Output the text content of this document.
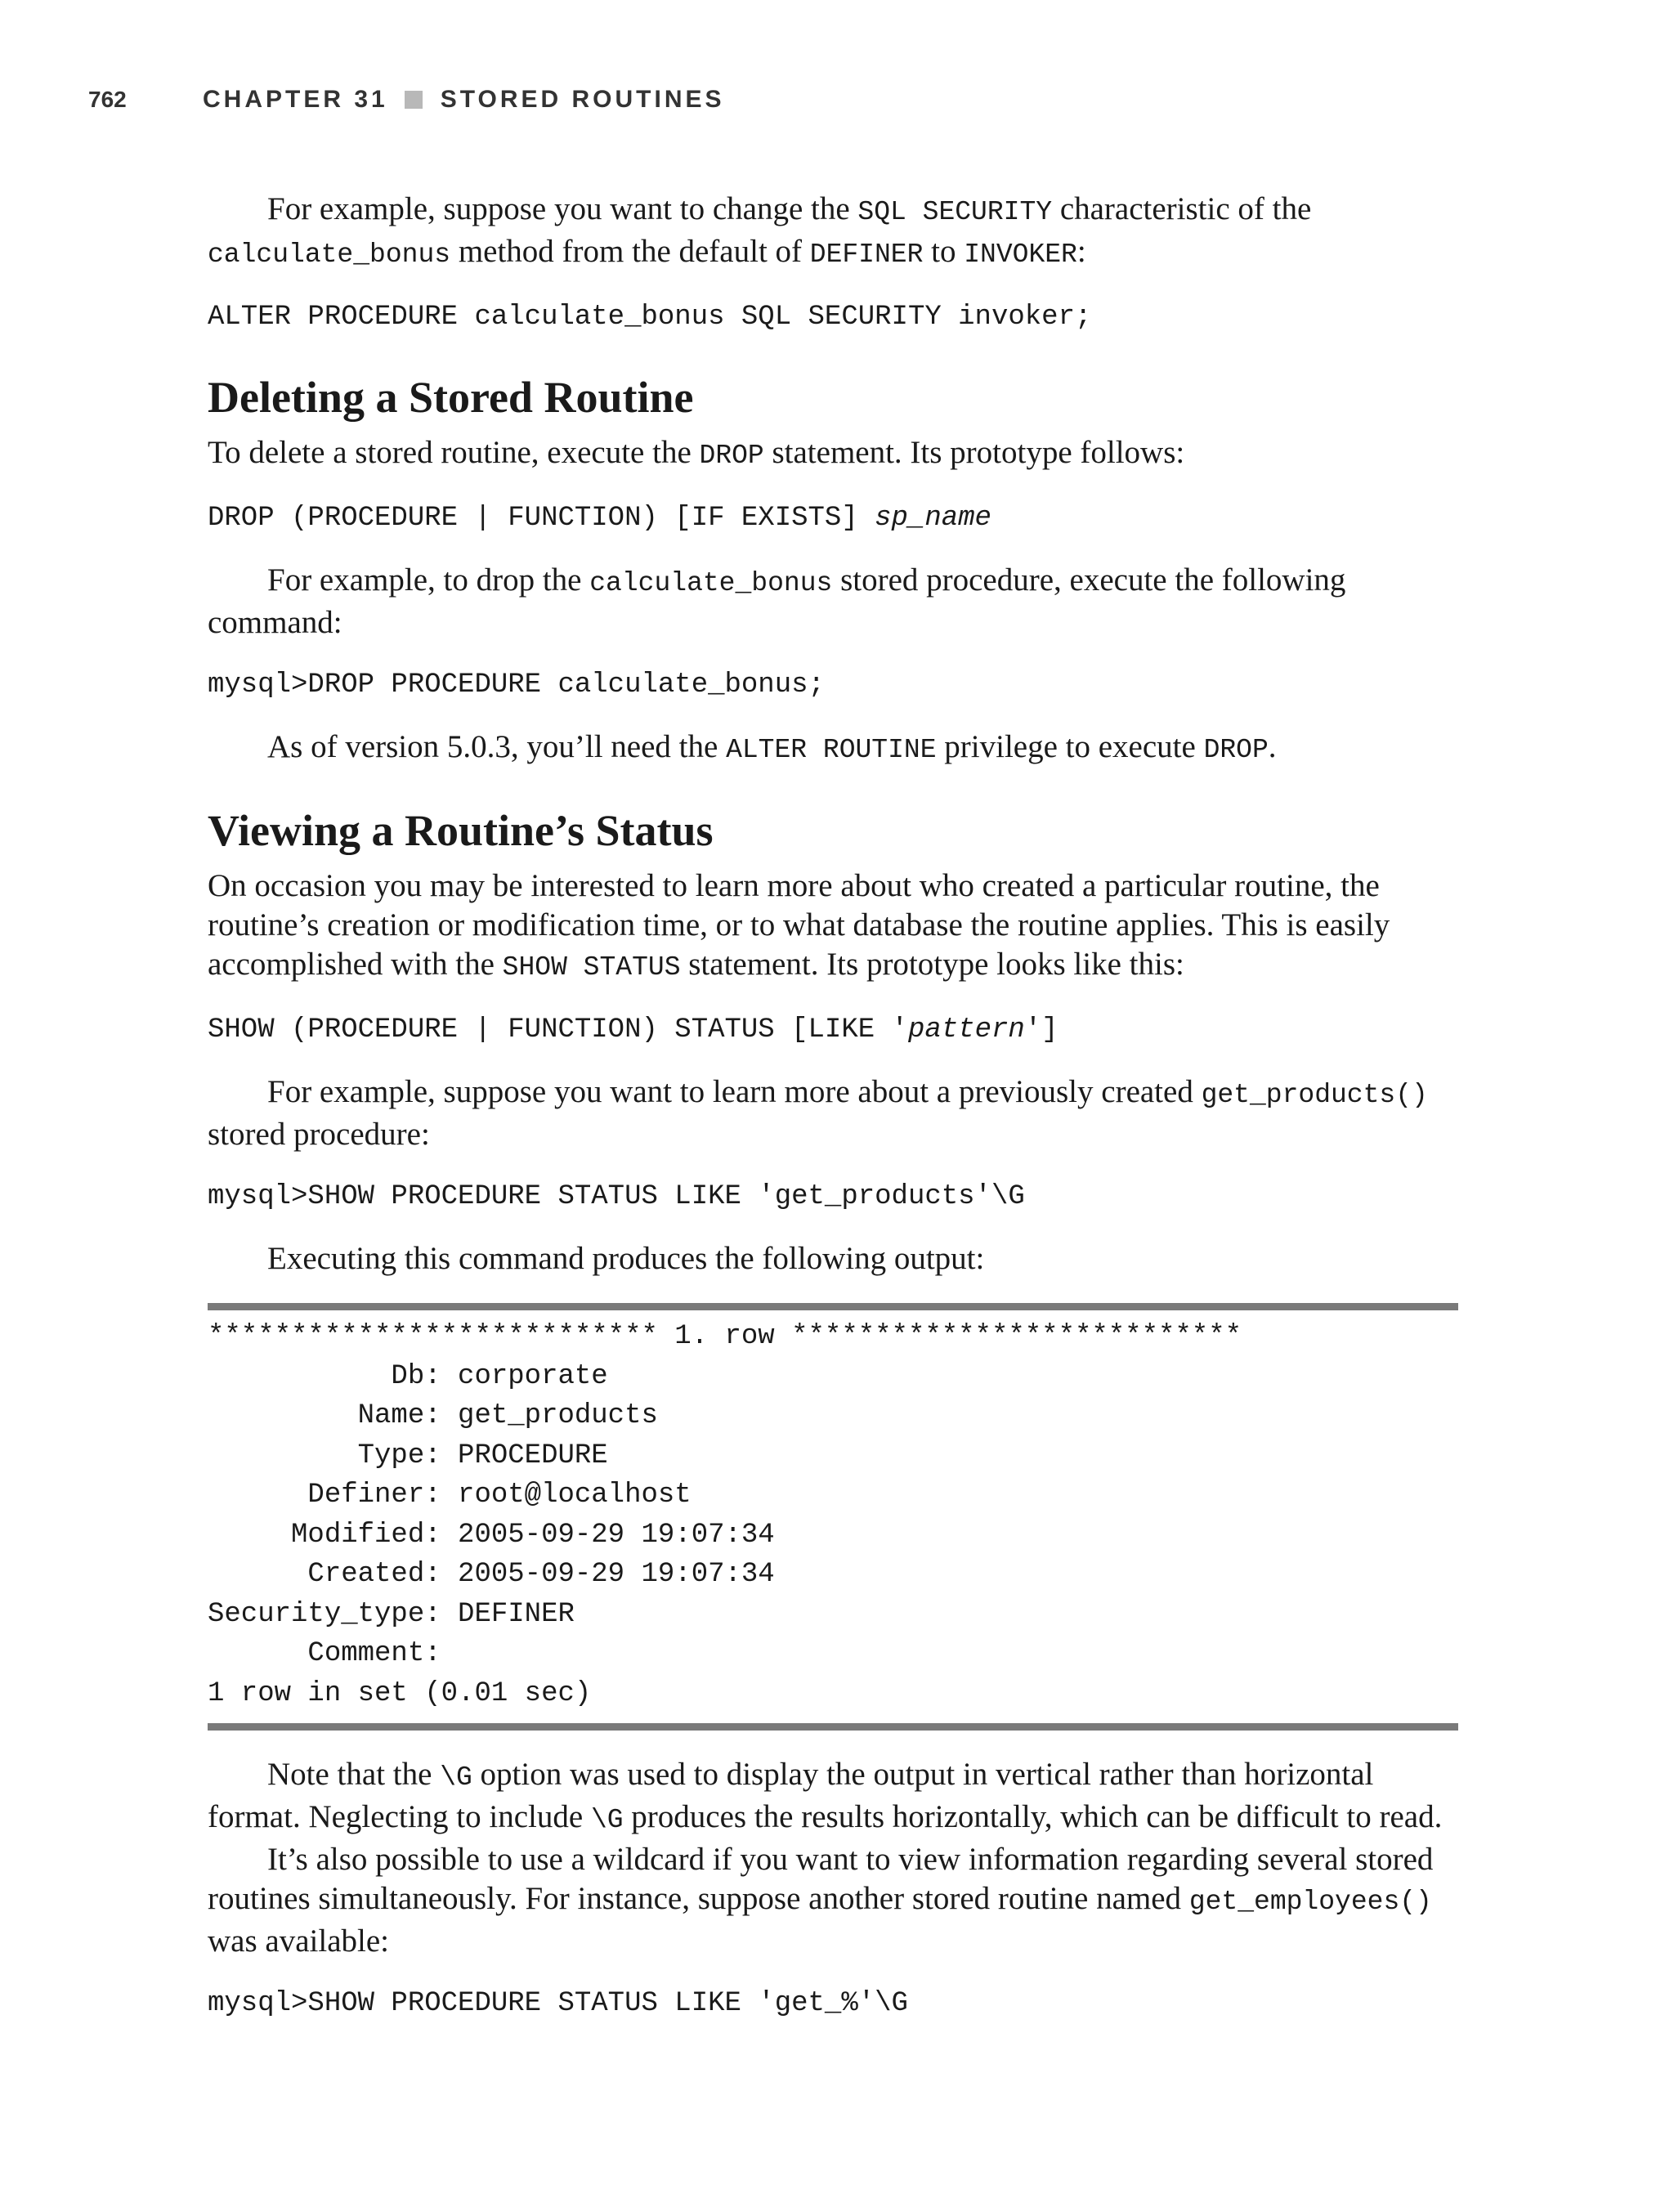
762	CHAPTER 31 STORED ROUTINES

For example, suppose you want to change the SQL SECURITY characteristic of the calculate_bonus method from the default of DEFINER to INVOKER:

ALTER PROCEDURE calculate_bonus SQL SECURITY invoker;
Deleting a Stored Routine

To delete a stored routine, execute the DROP statement. Its prototype follows:

DROP (PROCEDURE | FUNCTION) [IF EXISTS] sp_name

For example, to drop the calculate_bonus stored procedure, execute the following command:

mysql>DROP PROCEDURE calculate_bonus;

As of version 5.0.3, you’ll need the ALTER ROUTINE privilege to execute DROP.

Viewing a Routine’s Status

On occasion you may be interested to learn more about who created a particular routine, the routine’s creation or modification time, or to what database the routine applies. This is easily accomplished with the SHOW STATUS statement. Its prototype looks like this:

SHOW (PROCEDURE | FUNCTION) STATUS [LIKE 'pattern']

For example, suppose you want to learn more about a previously created get_products() stored procedure:

mysql>SHOW PROCEDURE STATUS LIKE 'get_products'\G

Executing this command produces the following output:

*************************** 1. row ***************************
Db: corporate
Name: get_products
Type: PROCEDURE
Definer: root@localhost
Modified: 2005-09-29 19:07:34
Created: 2005-09-29 19:07:34
Security_type: DEFINER
Comment:
1 row in set (0.01 sec)

Note that the \G option was used to display the output in vertical rather than horizontal format. Neglecting to include \G produces the results horizontally, which can be difficult to read.

It’s also possible to use a wildcard if you want to view information regarding several stored routines simultaneously. For instance, suppose another stored routine named get_employees() was available:

mysql>SHOW PROCEDURE STATUS LIKE 'get_%'\G
